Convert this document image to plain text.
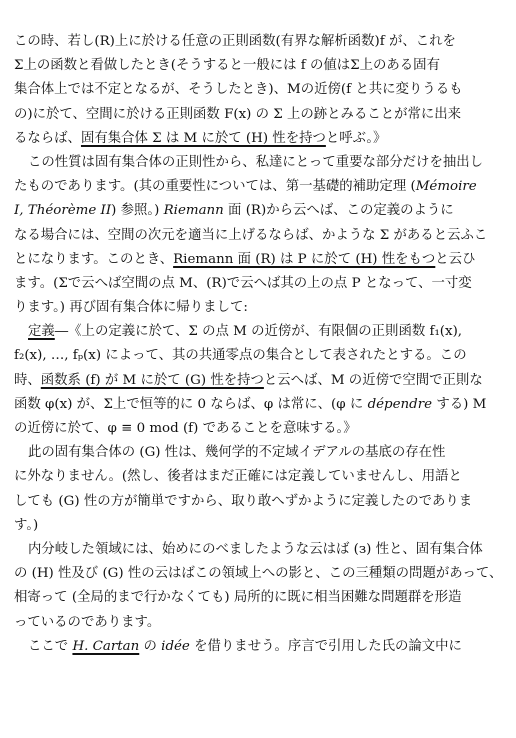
この時、若し(R)上に於ける任意の正則函数(有界な解析函数)f が、これを
Σ上の函数と看做したとき(そうすると一般には f の値はΣ上のある固有
集合体上では不定となるが、そうしたとき)、Mの近傍(f と共に変りうるも
の)に於て、空間に於ける正則函数 F(x) の Σ 上の跡とみることが常に出来
るならば、固有集合体 Σ は M に於て (H) 性を持つと呼ぶ。》
この性質は固有集合体の正則性から、私達にとって重要な部分だけを抽出し
たものであります。(其の重要性については、第一基礎的補助定理 (Mémoire
I, Théorème II) 参照。) Riemann 面 (R)から云へば、この定義のように
なる場合には、空間の次元を適当に上げるならば、かような Σ があると云ふこ
とになります。このとき、Riemann 面 (R) は P に於て (H) 性をもつと云ひ
ます。(Σで云へば空間の点 M、(R)で云へば其の上の点 P となって、一寸変
ります。) 再び固有集合体に帰りまして:
定義―《上の定義に於て、Σ の点 M の近傍が、有限個の正則函数 f₁(x),
f₂(x), …, fₚ(x) によって、其の共通零点の集合として表されたとする。この
時、函数系 (f) が M に於て (G) 性を持つと云へば、M の近傍で空間で正則な
函数 φ(x) が、Σ上で恒等的に 0 ならば、φ は常に、(φ に dépendre する) M
の近傍に於て、φ ≡ 0 mod (f) であることを意味する。》
此の固有集合体の (G) 性は、幾何学的不定域イデアルの基底の存在性
に外なりません。(然し、後者はまだ正確には定義していませんし、用語と
しても (G) 性の方が簡単ですから、取り敢へずかように定義したのでありま
す。)
内分岐した領域には、始めにのべましたような云はば (з) 性と、固有集合体
の (H) 性及び (G) 性の云はばこの領域上への影と、この三種類の問題があって、
相寄って (全局的まで行かなくても) 局所的に既に相当困難な問題群を形造
っているのであります。
ここで H. Cartan の idée を借りませう。序言で引用した氏の論文中に
